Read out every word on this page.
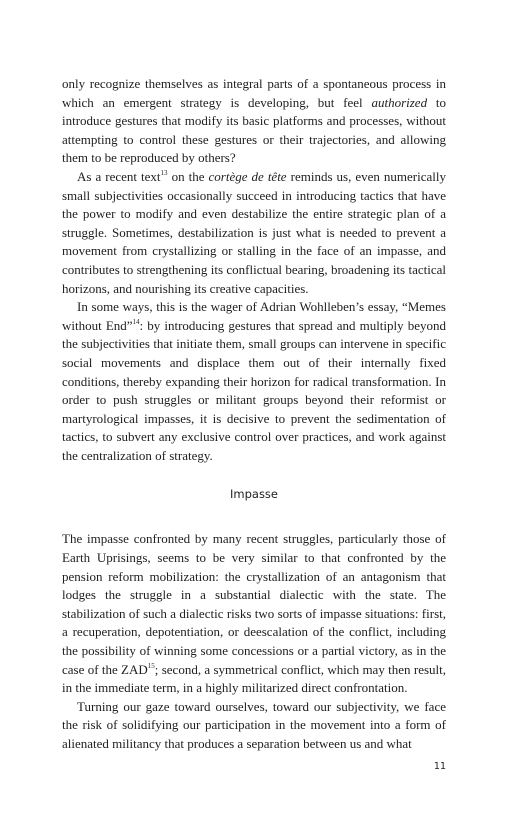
only recognize themselves as integral parts of a spontaneous process in which an emergent strategy is developing, but feel authorized to introduce gestures that modify its basic platforms and processes, without attempting to control these gestures or their trajectories, and allowing them to be reproduced by others?

As a recent text$^{13}$ on the cortège de tête reminds us, even numerically small subjectivities occasionally succeed in introducing tactics that have the power to modify and even destabilize the entire strategic plan of a struggle. Sometimes, destabilization is just what is needed to prevent a movement from crystallizing or stalling in the face of an impasse, and contributes to strengthening its conflictual bearing, broadening its tactical horizons, and nourishing its creative capacities.

In some ways, this is the wager of Adrian Wohlleben’s essay, “Memes without End”$^{14}$: by introducing gestures that spread and multiply beyond the subjectivities that initiate them, small groups can intervene in specific social movements and displace them out of their internally fixed conditions, thereby expanding their horizon for radical transformation. In order to push struggles or militant groups beyond their reformist or martyrological impasses, it is decisive to prevent the sedimentation of tactics, to subvert any exclusive control over practices, and work against the centralization of strategy.

Impasse

The impasse confronted by many recent struggles, particularly those of Earth Uprisings, seems to be very similar to that confronted by the pension reform mobilization: the crystallization of an antagonism that lodges the struggle in a substantial dialectic with the state. The stabilization of such a dialectic risks two sorts of impasse situations: first, a recuperation, depotentiation, or deescalation of the conflict, including the possibility of winning some concessions or a partial victory, as in the case of the ZAD$^{15}$; second, a symmetrical conflict, which may then result, in the immediate term, in a highly militarized direct confrontation.

Turning our gaze toward ourselves, toward our subjectivity, we face the risk of solidifying our participation in the movement into a form of alienated militancy that produces a separation between us and what

11
